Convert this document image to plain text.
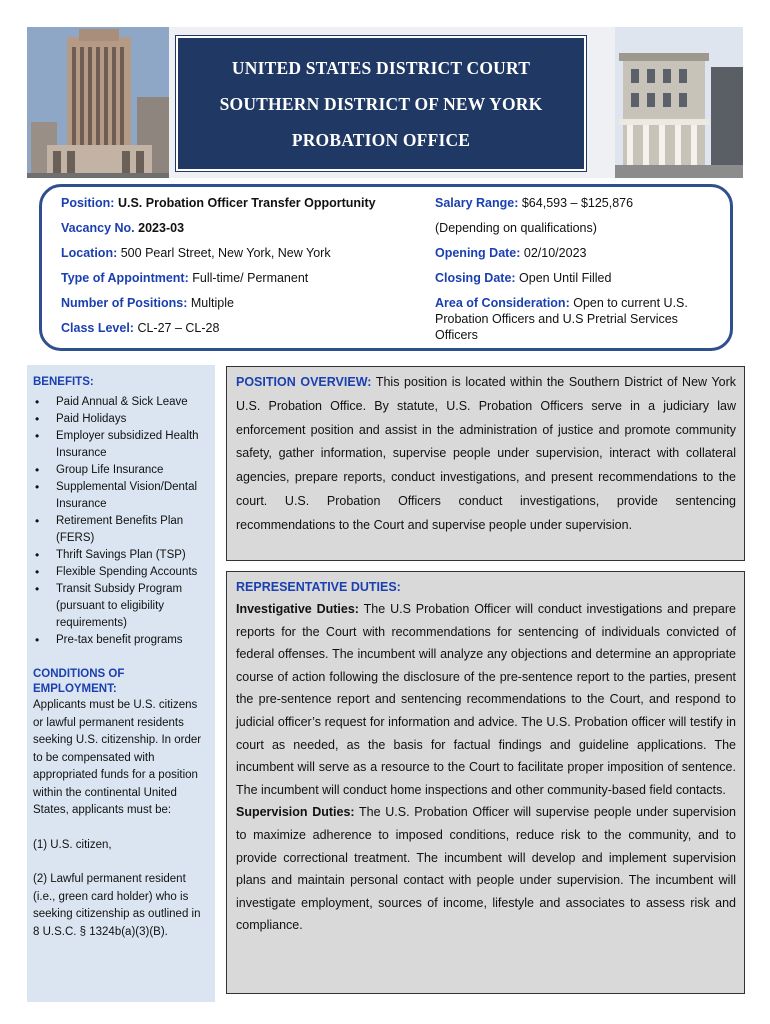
UNITED STATES DISTRICT COURT
SOUTHERN DISTRICT OF NEW YORK
PROBATION OFFICE
Position: U.S. Probation Officer Transfer Opportunity
Vacancy No. 2023-03
Location: 500 Pearl Street, New York, New York
Type of Appointment: Full-time/ Permanent
Number of Positions: Multiple
Class Level: CL-27 – CL-28
Salary Range: $64,593 – $125,876
(Depending on qualifications)
Opening Date: 02/10/2023
Closing Date: Open Until Filled
Area of Consideration: Open to current U.S. Probation Officers and U.S Pretrial Services Officers
BENEFITS:
• Paid Annual & Sick Leave
• Paid Holidays
• Employer subsidized Health Insurance
• Group Life Insurance
• Supplemental Vision/Dental Insurance
• Retirement Benefits Plan (FERS)
• Thrift Savings Plan (TSP)
• Flexible Spending Accounts
• Transit Subsidy Program (pursuant to eligibility requirements)
• Pre-tax benefit programs
CONDITIONS OF EMPLOYMENT:

Applicants must be U.S. citizens or lawful permanent residents seeking U.S. citizenship. In order to be compensated with appropriated funds for a position within the continental United States, applicants must be:

(1) U.S. citizen,

(2) Lawful permanent resident (i.e., green card holder) who is seeking citizenship as outlined in 8 U.S.C. § 1324b(a)(3)(B).

POSITION OVERVIEW: This position is located within the Southern District of New York U.S. Probation Office. By statute, U.S. Probation Officers serve in a judiciary law enforcement position and assist in the administration of justice and promote community safety, gather information, supervise people under supervision, interact with collateral agencies, prepare reports, conduct investigations, and present recommendations to the court. U.S. Probation Officers conduct investigations, provide sentencing recommendations to the Court and supervise people under supervision.

REPRESENTATIVE DUTIES:

Investigative Duties: The U.S Probation Officer will conduct investigations and prepare reports for the Court with recommendations for sentencing of individuals convicted of federal offenses. The incumbent will analyze any objections and determine an appropriate course of action following the disclosure of the pre-sentence report to the parties, present the pre-sentence report and sentencing recommendations to the Court, and respond to judicial officer’s request for information and advice. The U.S. Probation officer will testify in court as needed, as the basis for factual findings and guideline applications. The incumbent will serve as a resource to the Court to facilitate proper imposition of sentence. The incumbent will conduct home inspections and other community-based field contacts.

Supervision Duties: The U.S. Probation Officer will supervise people under supervision to maximize adherence to imposed conditions, reduce risk to the community, and to provide correctional treatment. The incumbent will develop and implement supervision plans and maintain personal contact with people under supervision. The incumbent will investigate employment, sources of income, lifestyle and associates to assess risk and compliance.
